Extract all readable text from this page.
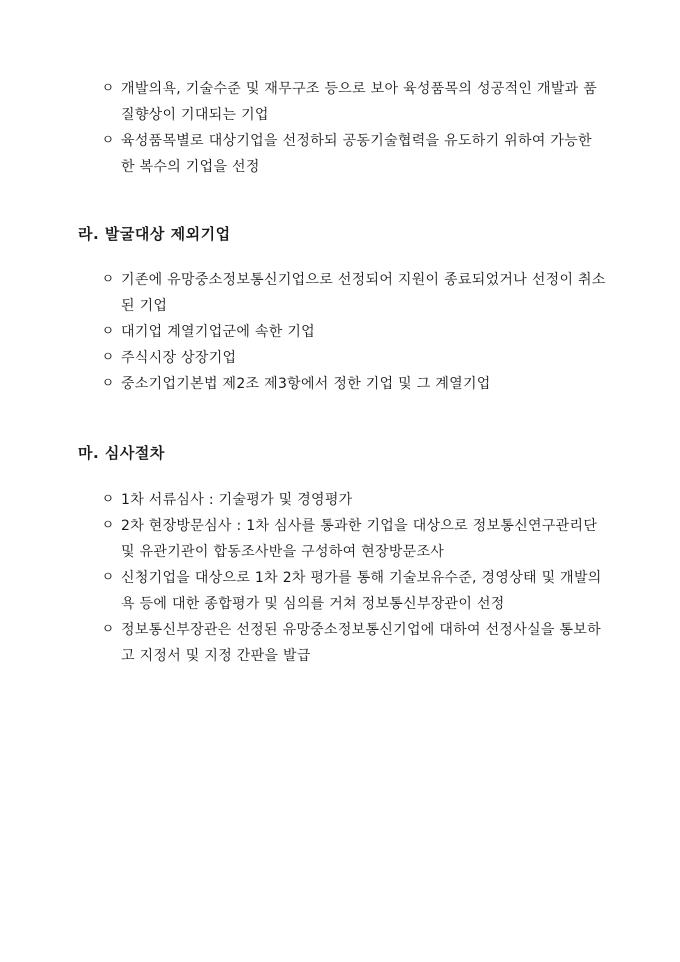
ㅇ 개발의욕, 기술수준 및 재무구조 등으로 보아 육성품목의 성공적인 개발과 품질향상이 기대되는 기업
ㅇ 육성품목별로 대상기업을 선정하되 공동기술협력을 유도하기 위하여 가능한 한 복수의 기업을 선정
라. 발굴대상 제외기업
ㅇ 기존에 유망중소정보통신기업으로 선정되어 지원이 종료되었거나 선정이 취소된 기업
ㅇ 대기업 계열기업군에 속한 기업
ㅇ 주식시장 상장기업
ㅇ 중소기업기본법 제2조 제3항에서 정한 기업 및 그 계열기업
마. 심사절차
ㅇ 1차 서류심사 : 기술평가 및 경영평가
ㅇ 2차 현장방문심사 : 1차 심사를 통과한 기업을 대상으로 정보통신연구관리단 및 유관기관이 합동조사반을 구성하여 현장방문조사
ㅇ 신청기업을 대상으로 1차 2차 평가를 통해 기술보유수준, 경영상태 및 개발의욕 등에 대한 종합평가 및 심의를 거쳐 정보통신부장관이 선정
ㅇ 정보통신부장관은 선정된 유망중소정보통신기업에 대하여 선정사실을 통보하고 지정서 및 지정 간판을 발급
